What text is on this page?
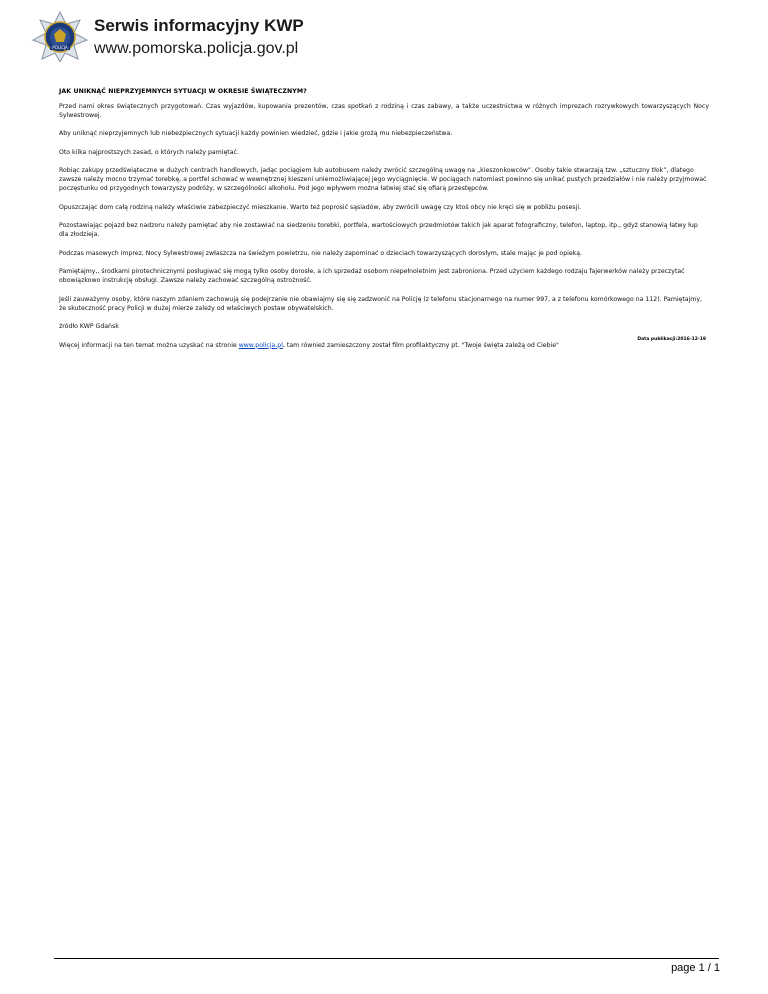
POLICJA
Serwis informacyjny KWP
www.pomorska.policja.gov.pl
JAK UNIKNĄĆ NIEPRZYJEMNYCH SYTUACJI W OKRESIE ŚWIĄTECZNYM?

Przed nami okres świątecznych przygotowań. Czas wyjazdów, kupowania prezentów, czas spotkań z rodziną i czas zabawy, a także uczestnictwa w różnych imprezach rozrywkowych towarzyszących Nocy Sylwestrowej.

Aby uniknąć nieprzyjemnych lub niebezpiecznych sytuacji każdy powinien wiedzieć, gdzie i jakie grożą mu niebezpieczeństwa.

Oto kilka najprostszych zasad, o których należy pamiętać.

Robiąc zakupy przedświąteczne w dużych centrach handlowych, jadąc pociągiem lub autobusem należy zwrócić szczególną uwagę na „kieszonkowców”. Osoby takie stwarzają tzw. „sztuczny tłok”, dlatego zawsze należy mocno trzymać torebkę, a portfel schować w wewnętrznej kieszeni uniemożliwiającej jego wyciągnięcie. W pociągach natomiast powinno się unikać pustych przedziałów i nie należy przyjmować poczęstunku od przygodnych towarzyszy podróży, w szczególności alkoholu. Pod jego wpływem można łatwiej stać się ofiarą przestępców.

Opuszczając dom całą rodziną należy właściwie zabezpieczyć mieszkanie. Warto też poprosić sąsiadów, aby zwrócili uwagę czy ktoś obcy nie kręci się w pobliżu posesji.

Pozostawiając pojazd bez nadzoru należy pamiętać aby nie zostawiać na siedzeniu torebki, portfela, wartościowych przedmiotów takich jak aparat fotograficzny, telefon, laptop, itp., gdyż stanowią łatwy łup dla złodzieja.

Podczas masowych imprez, Nocy Sylwestrowej zwłaszcza na świeżym powietrzu, nie należy zapominać o dzieciach towarzyszących dorosłym, stale mając je pod opieką.

Pamiętajmy,, środkami pirotechnicznymi posługiwać się mogą tylko osoby dorosłe, a ich sprzedaż osobom niepełnoletnim jest zabroniona. Przed użyciem każdego rodzaju fajerwerków należy przeczytać obowiązkowo instrukcję obsługi. Zawsze należy zachować szczególną ostrożność.

Jeśli zauważymy osoby, które naszym zdaniem zachowują się podejrzanie nie obawiajmy się się zadzwonić na Policję (z telefonu stacjonarnego na numer 997, a z telefonu komórkowego na 112). Pamiętajmy, że skuteczność pracy Policji w dużej mierze zależy od właściwych postaw obywatelskich.

źródło KWP Gdańsk

Więcej informacji na ten temat można uzyskać na stronie www.policja.pl, tam również zamieszczony został film profilaktyczny pt. "Twoje święta zależą od Ciebie"

Data publikacji:2016-12-19
page 1 / 1
